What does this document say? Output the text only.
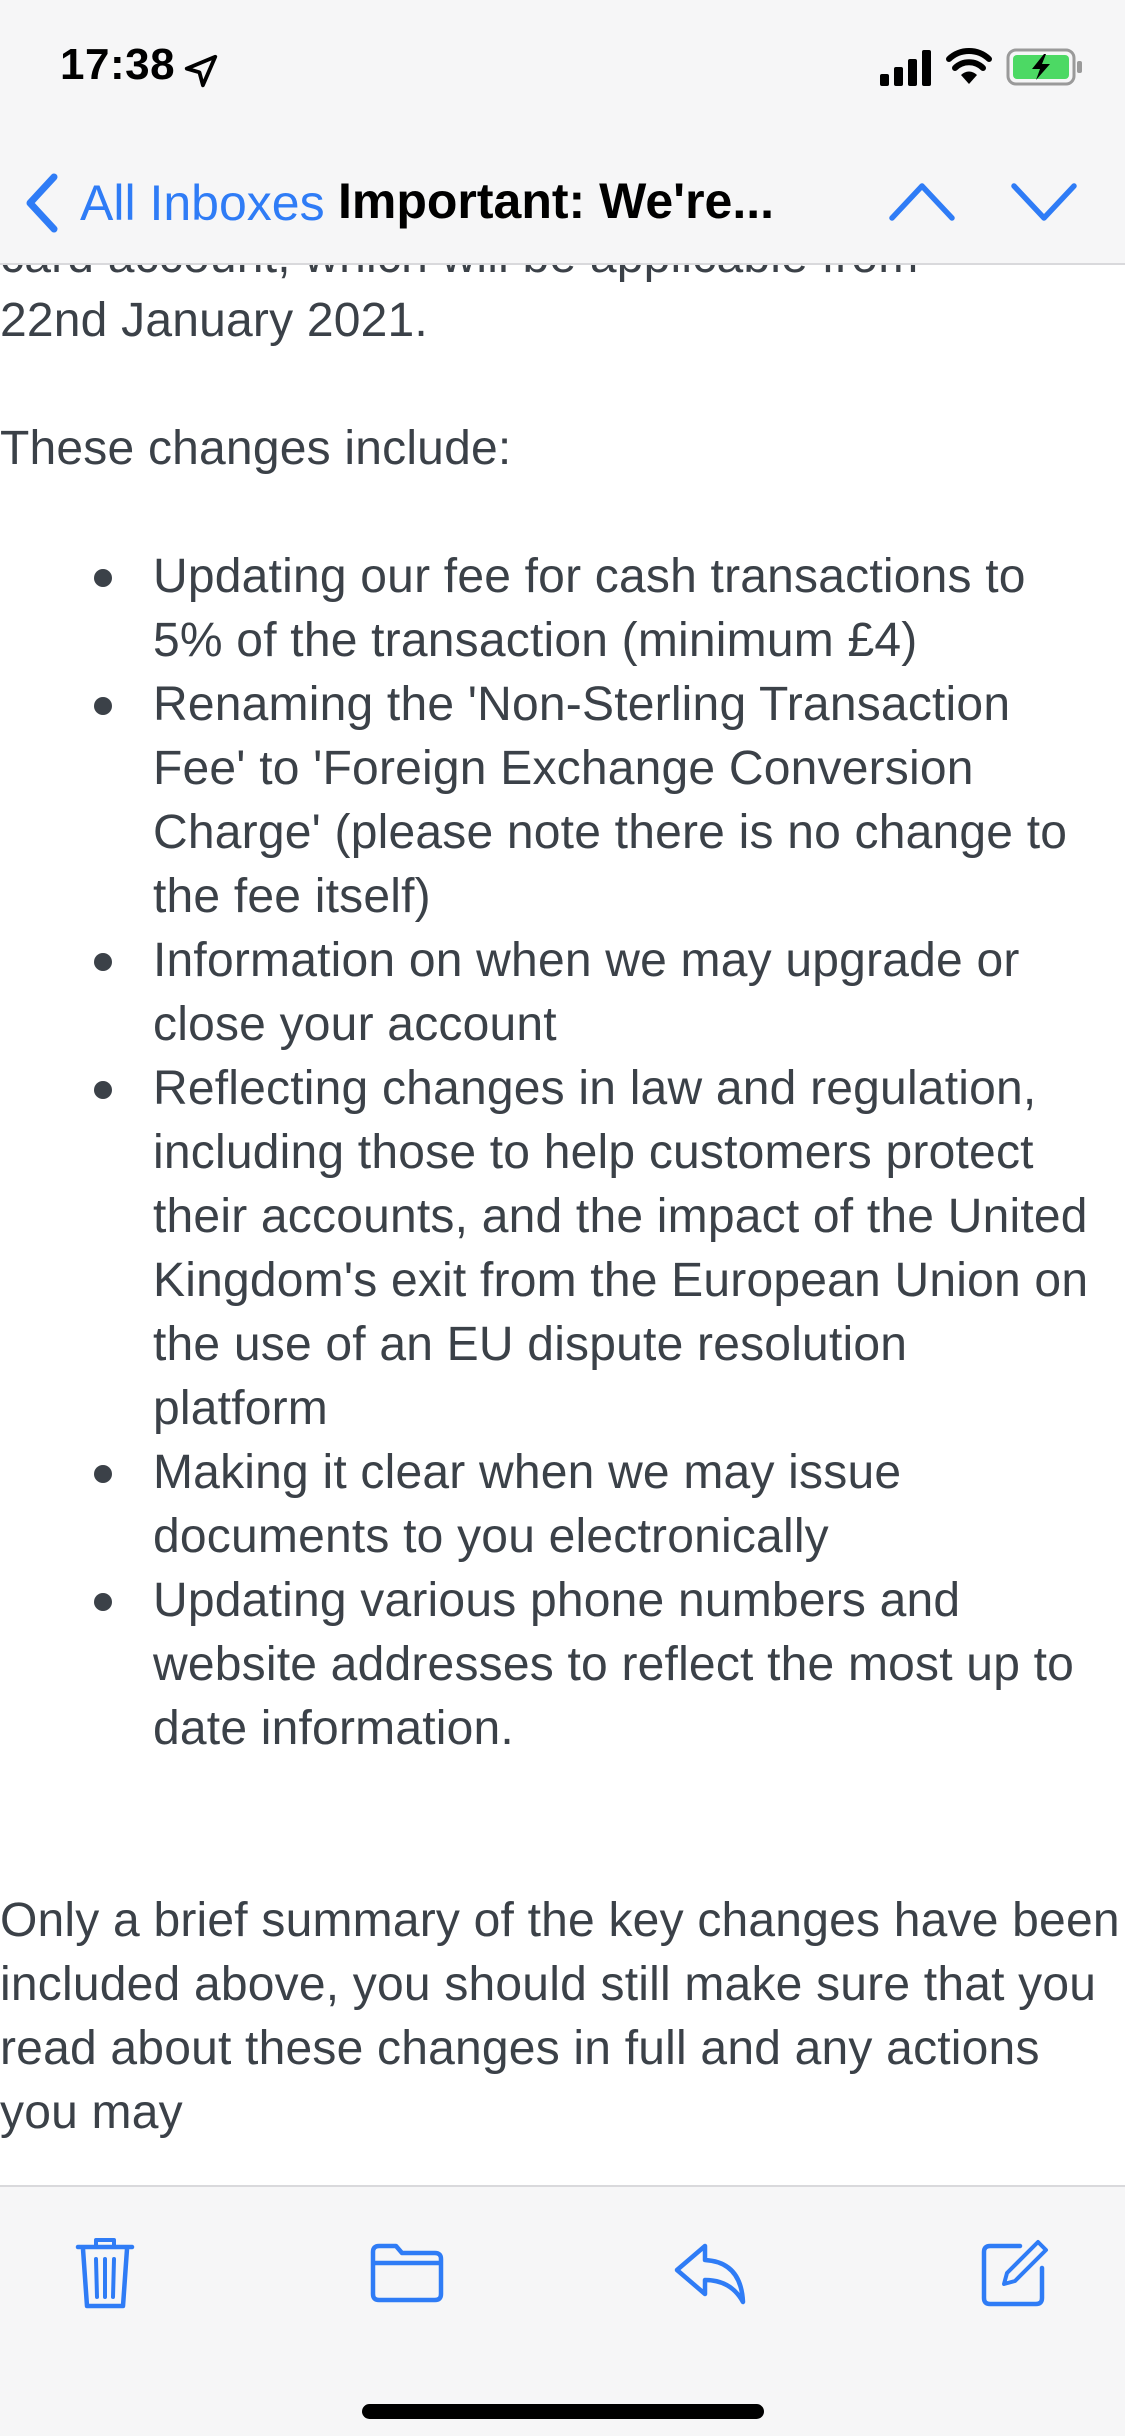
22nd January 2021.

These changes include:

Updating our fee for cash transactions to 5% of the transaction (minimum £4)
Renaming the 'Non-Sterling Transaction Fee' to 'Foreign Exchange Conversion Charge' (please note there is no change to the fee itself)
Information on when we may upgrade or close your account
Reflecting changes in law and regulation, including those to help customers protect their accounts, and the impact of the United Kingdom's exit from the European Union on the use of an EU dispute resolution platform
Making it clear when we may issue documents to you electronically
Updating various phone numbers and website addresses to reflect the most up to date information.

Only a brief summary of the key changes have been included above, you should still make sure that you read about these changes in full and any actions you may

17:38
All Inboxes Important: We're...
